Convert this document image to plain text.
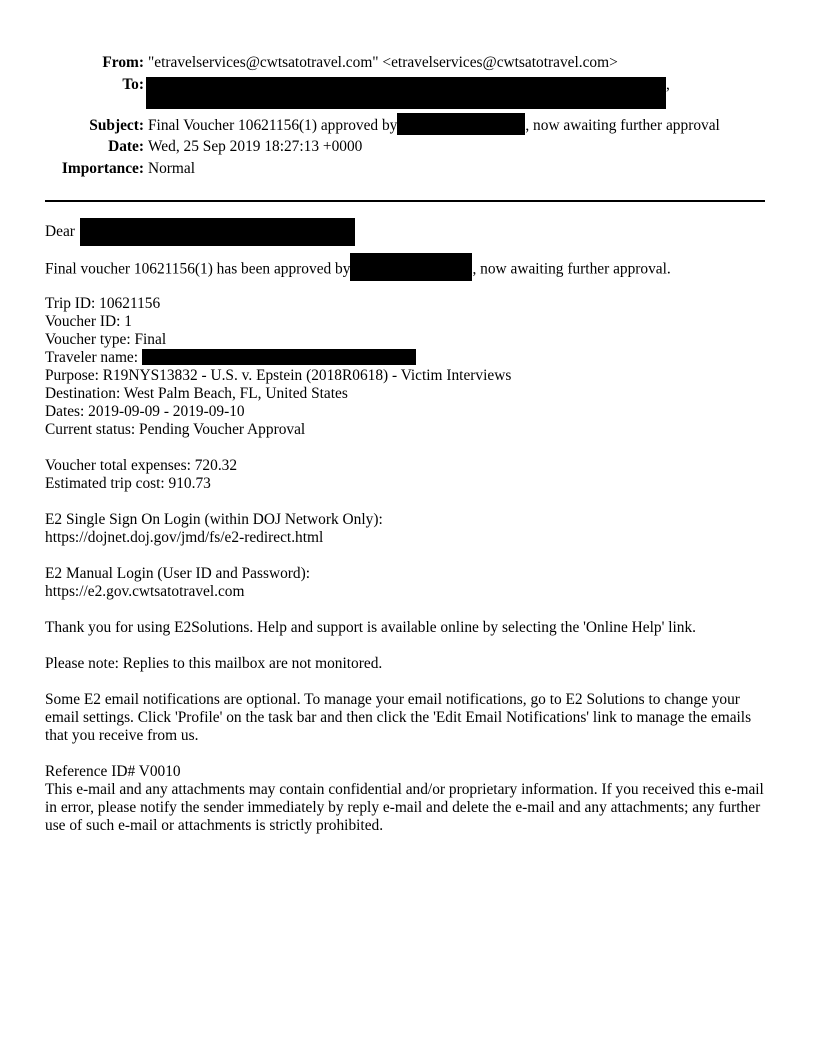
From: "etravelservices@cwtsatotravel.com" <etravelservices@cwtsatotravel.com>
To:	,
Subject: Final Voucher 10621156(1) approved by	, now awaiting further approval
Date: Wed, 25 Sep 2019 18:27:13 +0000
Importance: Normal
Dear
Final voucher 10621156(1) has been approved by	, now awaiting further approval.
Trip ID: 10621156
Voucher ID: 1
Voucher type: Final
Traveler name:
Purpose: R19NYS13832 - U.S. v. Epstein (2018R0618) - Victim Interviews
Destination: West Palm Beach, FL, United States
Dates: 2019-09-09 - 2019-09-10
Current status: Pending Voucher Approval
Voucher total expenses: 720.32
Estimated trip cost: 910.73
E2 Single Sign On Login (within DOJ Network Only):
https://dojnet.doj.gov/jmd/fs/e2-redirect.html
E2 Manual Login (User ID and Password):
https://e2.gov.cwtsatotravel.com
Thank you for using E2Solutions. Help and support is available online by selecting the 'Online Help' link.
Please note: Replies to this mailbox are not monitored.
Some E2 email notifications are optional. To manage your email notifications, go to E2 Solutions to change your email settings. Click 'Profile' on the task bar and then click the 'Edit Email Notifications' link to manage the emails that you receive from us.
Reference ID# V0010
This e-mail and any attachments may contain confidential and/or proprietary information. If you received this e-mail in error, please notify the sender immediately by reply e-mail and delete the e-mail and any attachments; any further use of such e-mail or attachments is strictly prohibited.
